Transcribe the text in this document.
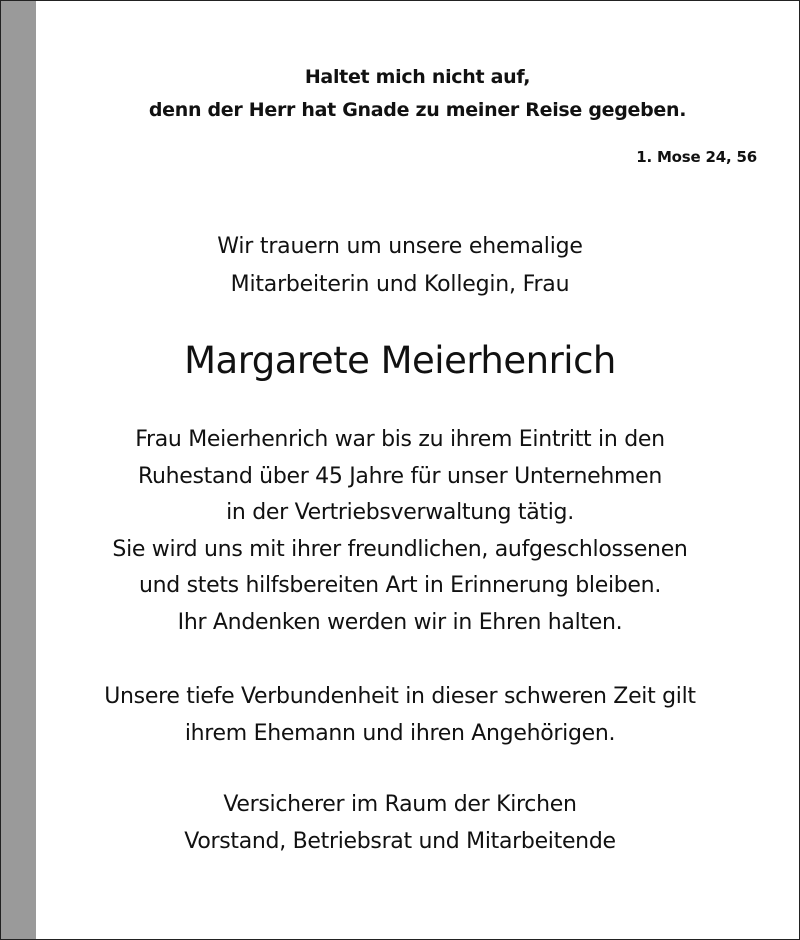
Haltet mich nicht auf,
denn der Herr hat Gnade zu meiner Reise gegeben.
1. Mose 24, 56
Wir trauern um unsere ehemalige
Mitarbeiterin und Kollegin, Frau
Margarete Meierhenrich
Frau Meierhenrich war bis zu ihrem Eintritt in den
Ruhestand über 45 Jahre für unser Unternehmen
in der Vertriebsverwaltung tätig.
Sie wird uns mit ihrer freundlichen, aufgeschlossenen
und stets hilfsbereiten Art in Erinnerung bleiben.
Ihr Andenken werden wir in Ehren halten.
Unsere tiefe Verbundenheit in dieser schweren Zeit gilt
ihrem Ehemann und ihren Angehörigen.
Versicherer im Raum der Kirchen
Vorstand, Betriebsrat und Mitarbeitende
